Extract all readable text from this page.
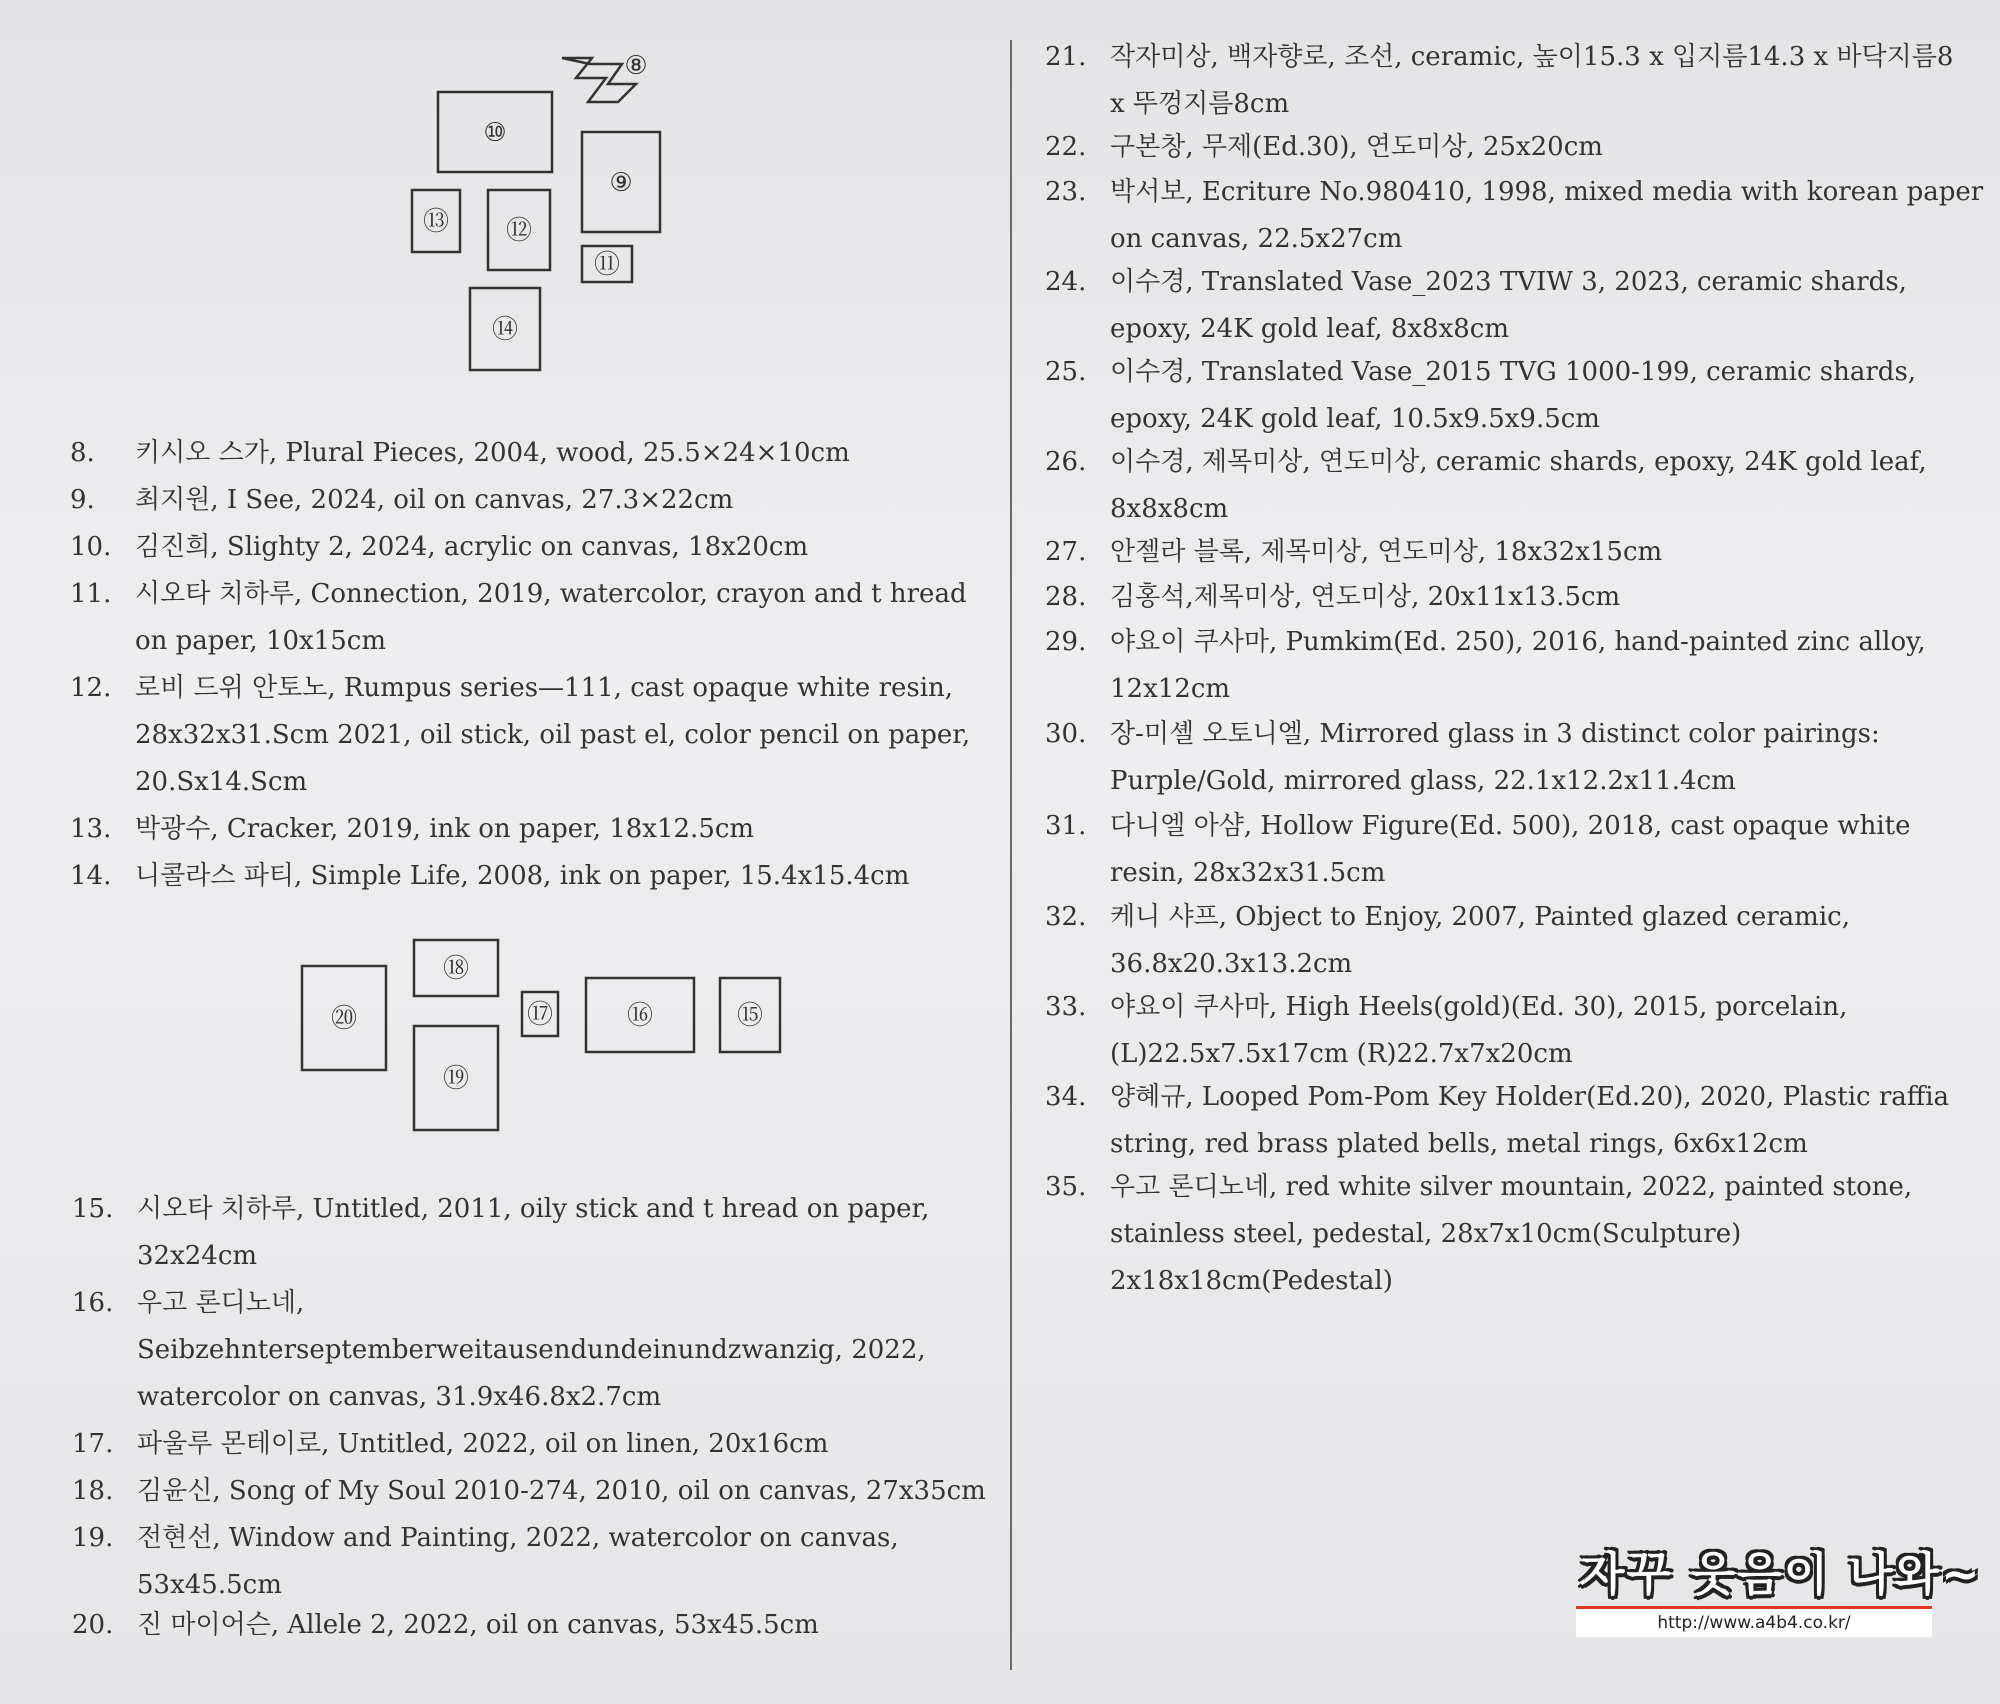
⑧
⑩
⑨
⑬ ⑫
⑪
⑭
⑳
⑱
⑰	⑯	⑮
⑲
8. 키시오 스가, Plural Pieces, 2004, wood, 25.5×24×10cm
9. 최지원, I See, 2024, oil on canvas, 27.3×22cm
10. 김진희, Slighty 2, 2024, acrylic on canvas, 18x20cm
11. 시오타 치하루, Connection, 2019, watercolor, crayon and t hread
on paper, 10x15cm
12. 로비 드위 안토노, Rumpus series—111, cast opaque white resin,
28x32x31.Scm 2021, oil stick, oil past el, color pencil on paper,
20.Sx14.Scm
13. 박광수, Cracker, 2019, ink on paper, 18x12.5cm
14. 니콜라스 파티, Simple Life, 2008, ink on paper, 15.4x15.4cm
15. 시오타 치하루, Untitled, 2011, oily stick and t hread on paper,
32x24cm
16. 우고 론디노네,
Seibzehnterseptemberweitausendundeinundzwanzig, 2022,
watercolor on canvas, 31.9x46.8x2.7cm
17. 파울루 몬테이로, Untitled, 2022, oil on linen, 20x16cm
18. 김윤신, Song of My Soul 2010-274, 2010, oil on canvas, 27x35cm
19. 전현선, Window and Painting, 2022, watercolor on canvas,
53x45.5cm
20. 진 마이어슨, Allele 2, 2022, oil on canvas, 53x45.5cm
21. 작자미상, 백자향로, 조선, ceramic, 높이15.3 x 입지름14.3 x 바닥지름8
x 뚜껑지름8cm
22. 구본창, 무제(Ed.30), 연도미상, 25x20cm
23. 박서보, Ecriture No.980410, 1998, mixed media with korean paper
on canvas, 22.5x27cm
24. 이수경, Translated Vase_2023 TVIW 3, 2023, ceramic shards,
epoxy, 24K gold leaf, 8x8x8cm
25. 이수경, Translated Vase_2015 TVG 1000-199, ceramic shards,
epoxy, 24K gold leaf, 10.5x9.5x9.5cm
26. 이수경, 제목미상, 연도미상, ceramic shards, epoxy, 24K gold leaf,
8x8x8cm
27. 안젤라 블록, 제목미상, 연도미상, 18x32x15cm
28. 김홍석,제목미상, 연도미상, 20x11x13.5cm
29. 야요이 쿠사마, Pumkim(Ed. 250), 2016, hand-painted zinc alloy,
12x12cm
30. 장-미셸 오토니엘, Mirrored glass in 3 distinct color pairings:
Purple/Gold, mirrored glass, 22.1x12.2x11.4cm
31. 다니엘 아샴, Hollow Figure(Ed. 500), 2018, cast opaque white
resin, 28x32x31.5cm
32. 케니 샤프, Object to Enjoy, 2007, Painted glazed ceramic,
36.8x20.3x13.2cm
33. 야요이 쿠사마, High Heels(gold)(Ed. 30), 2015, porcelain,
(L)22.5x7.5x17cm (R)22.7x7x20cm
34. 양혜규, Looped Pom-Pom Key Holder(Ed.20), 2020, Plastic raffia
string, red brass plated bells, metal rings, 6x6x12cm
35. 우고 론디노네, red white silver mountain, 2022, painted stone,
stainless steel, pedestal, 28x7x10cm(Sculpture)
2x18x18cm(Pedestal)
자꾸 웃음이 나와~
http://www.a4b4.co.kr/
